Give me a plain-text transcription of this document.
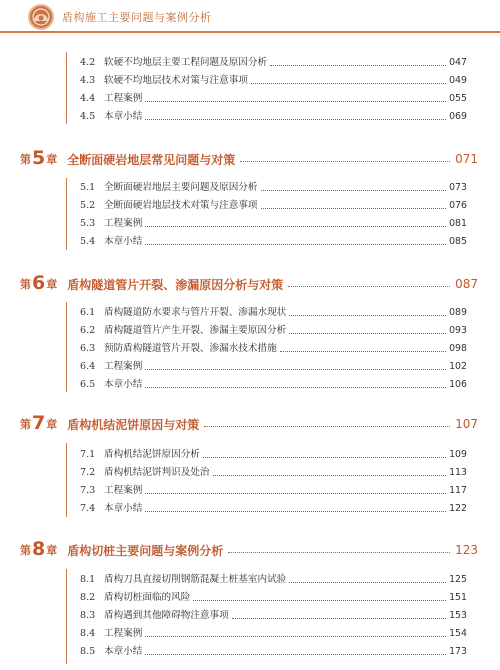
盾构施工主要问题与案例分析
4.2 软硬不均地层主要工程问题及原因分析	047
4.3 软硬不均地层技术对策与注意事项	049
4.4 工程案例	055
4.5 本章小结	069
第 5 章 全断面硬岩地层常见问题与对策	071
5.1 全断面硬岩地层主要问题及原因分析	073
5.2 全断面硬岩地层技术对策与注意事项	076
5.3 工程案例	081
5.4 本章小结	085
第 6 章 盾构隧道管片开裂、渗漏原因分析与对策	087
6.1 盾构隧道防水要求与管片开裂、渗漏水现状	089
6.2 盾构隧道管片产生开裂、渗漏主要原因分析	093
6.3 预防盾构隧道管片开裂、渗漏水技术措施	098
6.4 工程案例	102
6.5 本章小结	106
第 7 章 盾构机结泥饼原因与对策	107
7.1 盾构机结泥饼原因分析	109
7.2 盾构机结泥饼判识及处治	113
7.3 工程案例	117
7.4 本章小结	122
第 8 章 盾构切桩主要问题与案例分析	123
8.1 盾构刀具直接切削钢筋混凝土桩基室内试验	125
8.2 盾构切桩面临的风险	151
8.3 盾构遇到其他障碍物注意事项	153
8.4 工程案例	154
8.5 本章小结	173
